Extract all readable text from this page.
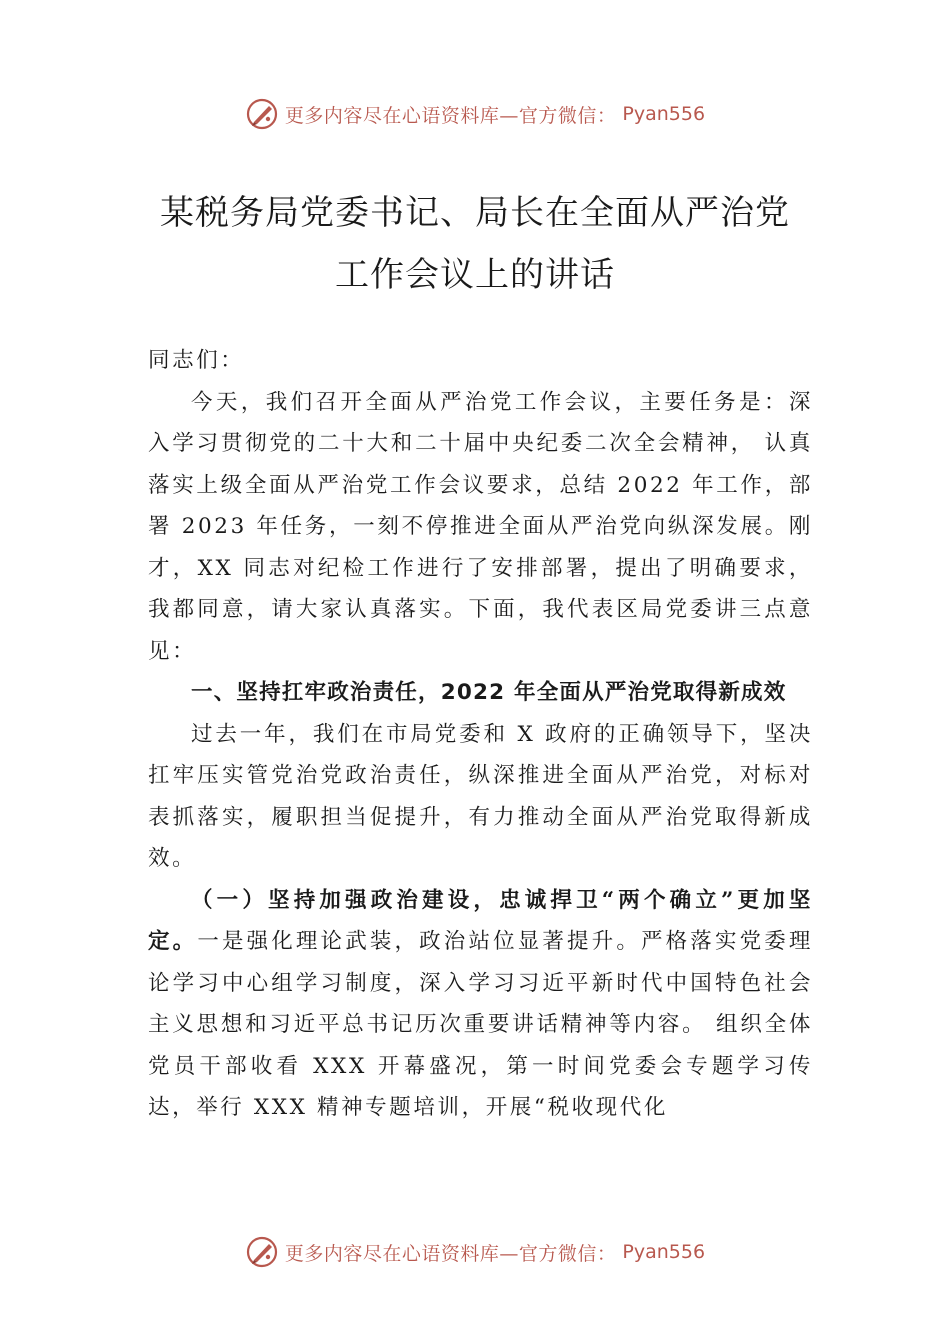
更多内容尽在心语资料库—官方微信： Pyan556
某税务局党委书记、局长在全面从严治党
工作会议上的讲话

同志们：

今天，我们召开全面从严治党工作会议，主要任务是：深入学习贯彻党的二十大和二十届中央纪委二次全会精神， 认真落实上级全面从严治党工作会议要求，总结 2022 年工作，部署 2023 年任务，一刻不停推进全面从严治党向纵深发展。刚才，XX 同志对纪检工作进行了安排部署，提出了明确要求，我都同意，请大家认真落实。下面，我代表区局党委讲三点意见：

一、坚持扛牢政治责任，2022 年全面从严治党取得新成效

过去一年，我们在市局党委和 X 政府的正确领导下，坚决扛牢压实管党治党政治责任，纵深推进全面从严治党，对标对表抓落实，履职担当促提升，有力推动全面从严治党取得新成效。

（一）坚持加强政治建设，忠诚捍卫“两个确立”更加坚定。一是强化理论武装，政治站位显著提升。严格落实党委理论学习中心组学习制度，深入学习习近平新时代中国特色社会主义思想和习近平总书记历次重要讲话精神等内容。 组织全体党员干部收看 XXX 开幕盛况，第一时间党委会专题学习传达，举行 XXX 精神专题培训，开展“税收现代化

更多内容尽在心语资料库—官方微信： Pyan556
